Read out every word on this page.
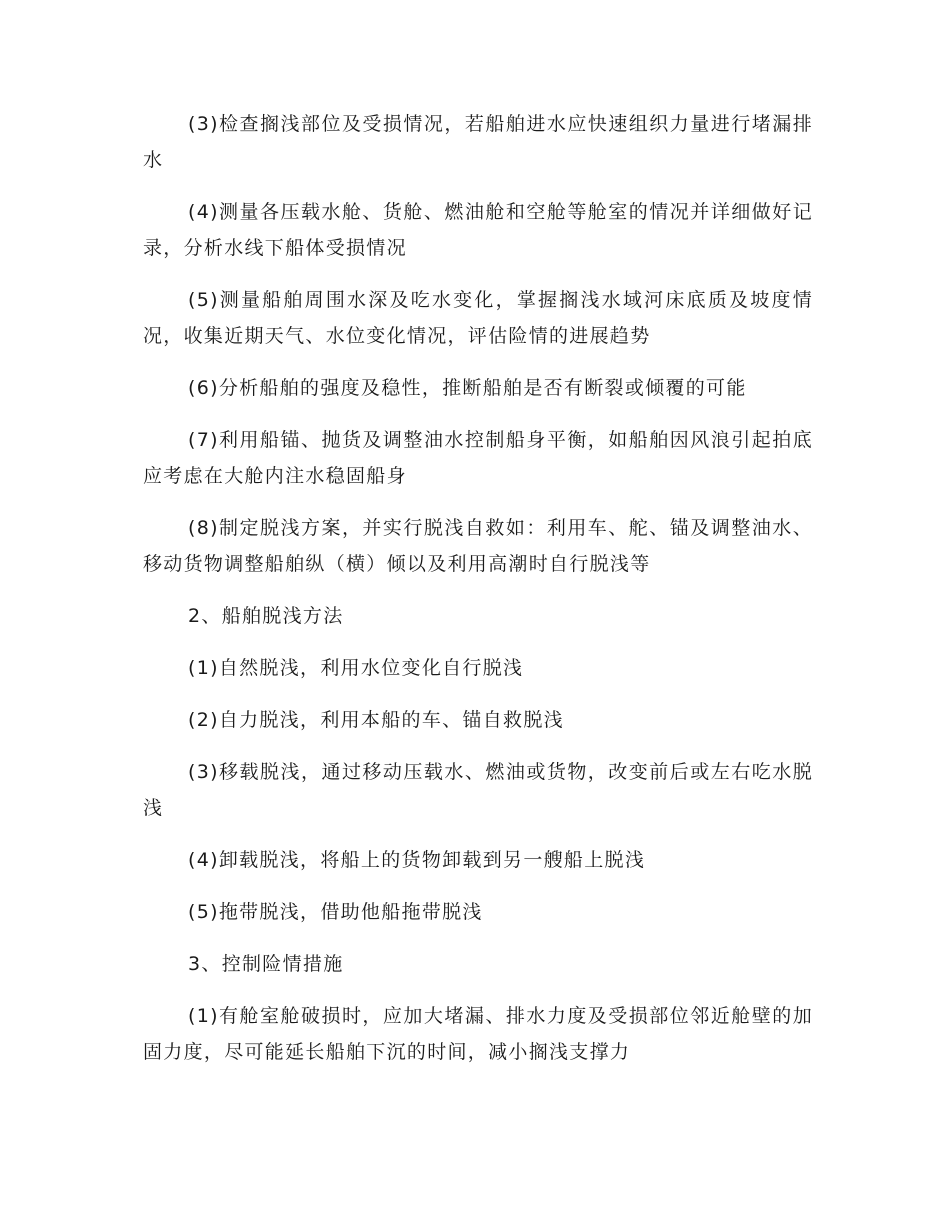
(3)检查搁浅部位及受损情况，若船舶进水应快速组织力量进行堵漏排水

(4)测量各压载水舱、货舱、燃油舱和空舱等舱室的情况并详细做好记录，分析水线下船体受损情况

(5)测量船舶周围水深及吃水变化，掌握搁浅水域河床底质及坡度情况，收集近期天气、水位变化情况，评估险情的进展趋势

(6)分析船舶的强度及稳性，推断船舶是否有断裂或倾覆的可能

(7)利用船锚、抛货及调整油水控制船身平衡，如船舶因风浪引起拍底应考虑在大舱内注水稳固船身

(8)制定脱浅方案，并实行脱浅自救如：利用车、舵、锚及调整油水、移动货物调整船舶纵（横）倾以及利用高潮时自行脱浅等

2、船舶脱浅方法

(1)自然脱浅，利用水位变化自行脱浅

(2)自力脱浅，利用本船的车、锚自救脱浅

(3)移载脱浅，通过移动压载水、燃油或货物，改变前后或左右吃水脱浅

(4)卸载脱浅，将船上的货物卸载到另一艘船上脱浅

(5)拖带脱浅，借助他船拖带脱浅

3、控制险情措施

(1)有舱室舱破损时，应加大堵漏、排水力度及受损部位邻近舱壁的加固力度，尽可能延长船舶下沉的时间，减小搁浅支撑力
